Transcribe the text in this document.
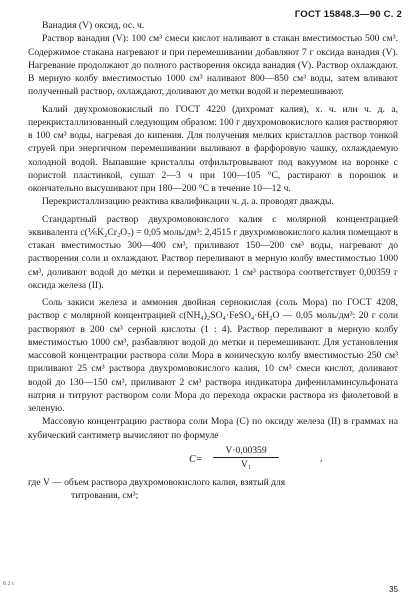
ГОСТ 15848.3—90 С. 2

Ванадия (V) оксид, ос. ч.

Раствор ванадия (V): 100 см³ смеси кислот наливают в стакан вместимостью 500 см³. Содержимое стакана нагревают и при перемешивании добавляют 7 г оксида ванадия (V). Нагревание продолжают до полного растворения оксида ванадия (V). Раствор охлаждают. В мерную колбу вместимостью 1000 см³ наливают 800—850 см³ воды, затем вливают полученный раствор, охлаждают, доливают до метки водой и перемешивают.

Калий двухромовокислый по ГОСТ 4220 (дихромат калия), х. ч. или ч. д. а, перекристаллизованный следующим образом: 100 г двухромовокислого калия растворяют в 100 см³ воды, нагревая до кипения. Для получения мелких кристаллов раствор тонкой струей при энергичном перемешивании выливают в фарфоровую чашку, охлаждаемую холодной водой. Выпавшие кристаллы отфильтровывают под вакуумом на воронке с пористой пластинкой, сушат 2—3 ч при 100—105 °С, растирают в порошок и окончательно высушивают при 180—200 °С в течение 10—12 ч.

Перекристаллизацию реактива квалификации ч. д. а. проводят дважды.

Стандартный раствор двухромовокислого калия с молярной концентрацией эквивалента c(⅙K₂Cr₂O₇) = 0,05 моль/дм³: 2,4515 г двухромовокислого калия помещают в стакан вместимостью 300—400 см³, приливают 150—200 см³ воды, нагревают до растворения соли и охлаждают. Раствор переливают в мерную колбу вместимостью 1000 см³, доливают водой до метки и перемешивают. 1 см³ раствора соответствует 0,00359 г оксида железа (II).

Соль закиси железа и аммония двойная сернокислая (соль Мора) по ГОСТ 4208, раствор с молярной концентрацией c(NH₄)₂SO₄·FeSO₄·6H₂O — 0,05 моль/дм³: 20 г соли растворяют в 200 см³ серной кислоты (1 : 4). Раствор переливают в мерную колбу вместимостью 1000 см³, разбавляют водой до метки и перемешивают. Для установления массовой концентрации раствора соли Мора в коническую колбу вместимостью 250 см³ приливают 25 см³ раствора двухромовокислого калия, 10 см³ смеси кислот, доливают водой до 130—150 см³, приливают 2 см³ раствора индикатора дифениламинсульфоната натрия и титруют раствором соли Мора до перехода окраски раствора из фиолетовой в зеленую.

Массовую концентрацию раствора соли Мора (C) по оксиду железа (II) в граммах на кубический сантиметр вычисляют по формуле

C=
V·0,00359
V₁
,

где V — объем раствора двухромовокислого калия, взятый для

титрования, см³;

8 2 с
35
